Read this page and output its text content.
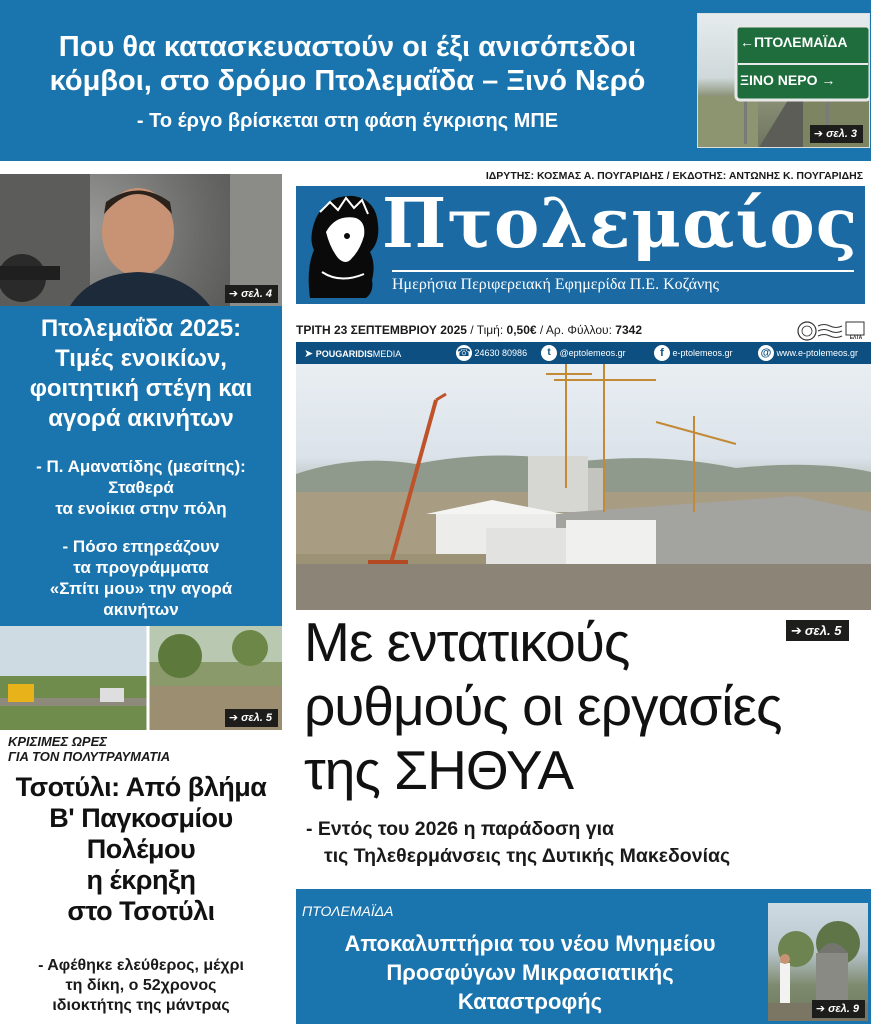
Που θα κατασκευαστούν οι έξι ανισόπεδοι
κόμβοι, στο δρόμο Πτολεμαΐδα – Ξινό Νερό
- Το έργο βρίσκεται στη φάση έγκρισης ΜΠΕ
←ΠΤΟΛΕΜΑΪΔΑ
ΞΙΝΟ ΝΕΡΟ →
➔ σελ. 3
➔ σελ. 4
Πτολεμαΐδα 2025:
Τιμές ενοικίων,
φοιτητική στέγη και
αγορά ακινήτων
- Π. Αμανατίδης (μεσίτης):
Σταθερά
τα ενοίκια στην πόλη
- Πόσο επηρεάζουν
τα προγράμματα
«Σπίτι μου» την αγορά
ακινήτων
➔ σελ. 5
ΚΡΙΣΙΜΕΣ ΩΡΕΣ
ΓΙΑ ΤΟΝ ΠΟΛΥΤΡΑΥΜΑΤΙΑ
Τσοτύλι: Από βλήμα
Β' Παγκοσμίου
Πολέμου
η έκρηξη
στο Τσοτύλι
- Αφέθηκε ελεύθερος, μέχρι
τη δίκη, ο 52χρονος
ιδιοκτήτης της μάντρας
ΙΔΡΥΤΗΣ: ΚΟΣΜΑΣ Α. ΠΟΥΓΑΡΙΔΗΣ / ΕΚΔΟΤΗΣ: ΑΝΤΩΝΗΣ Κ. ΠΟΥΓΑΡΙΔΗΣ
Πτολεμαίος
Ημερήσια Περιφερειακή Εφημερίδα Π.Ε. Κοζάνης
ΤΡΙΤΗ 23 ΣΕΠΤΕΜΒΡΙΟΥ 2025 / Τιμή: 0,50€ / Αρ. Φύλλου: 7342
ΕΛΤΑ
➤ POUGARIDISMEDIA	☎ 24630 80986	t @eptolemeos.gr	f e-ptolemeos.gr	@ www.e-ptolemeos.gr
Με εντατικούς
ρυθμούς οι εργασίες
της ΣΗΘΥΑ
➔ σελ. 5
- Εντός του 2026 η παράδοση για
τις Τηλεθερμάνσεις της Δυτικής Μακεδονίας
ΠΤΟΛΕΜΑΪΔΑ
Αποκαλυπτήρια του νέου Μνημείου
Προσφύγων Μικρασιατικής
Καταστροφής	➔ σελ. 9
